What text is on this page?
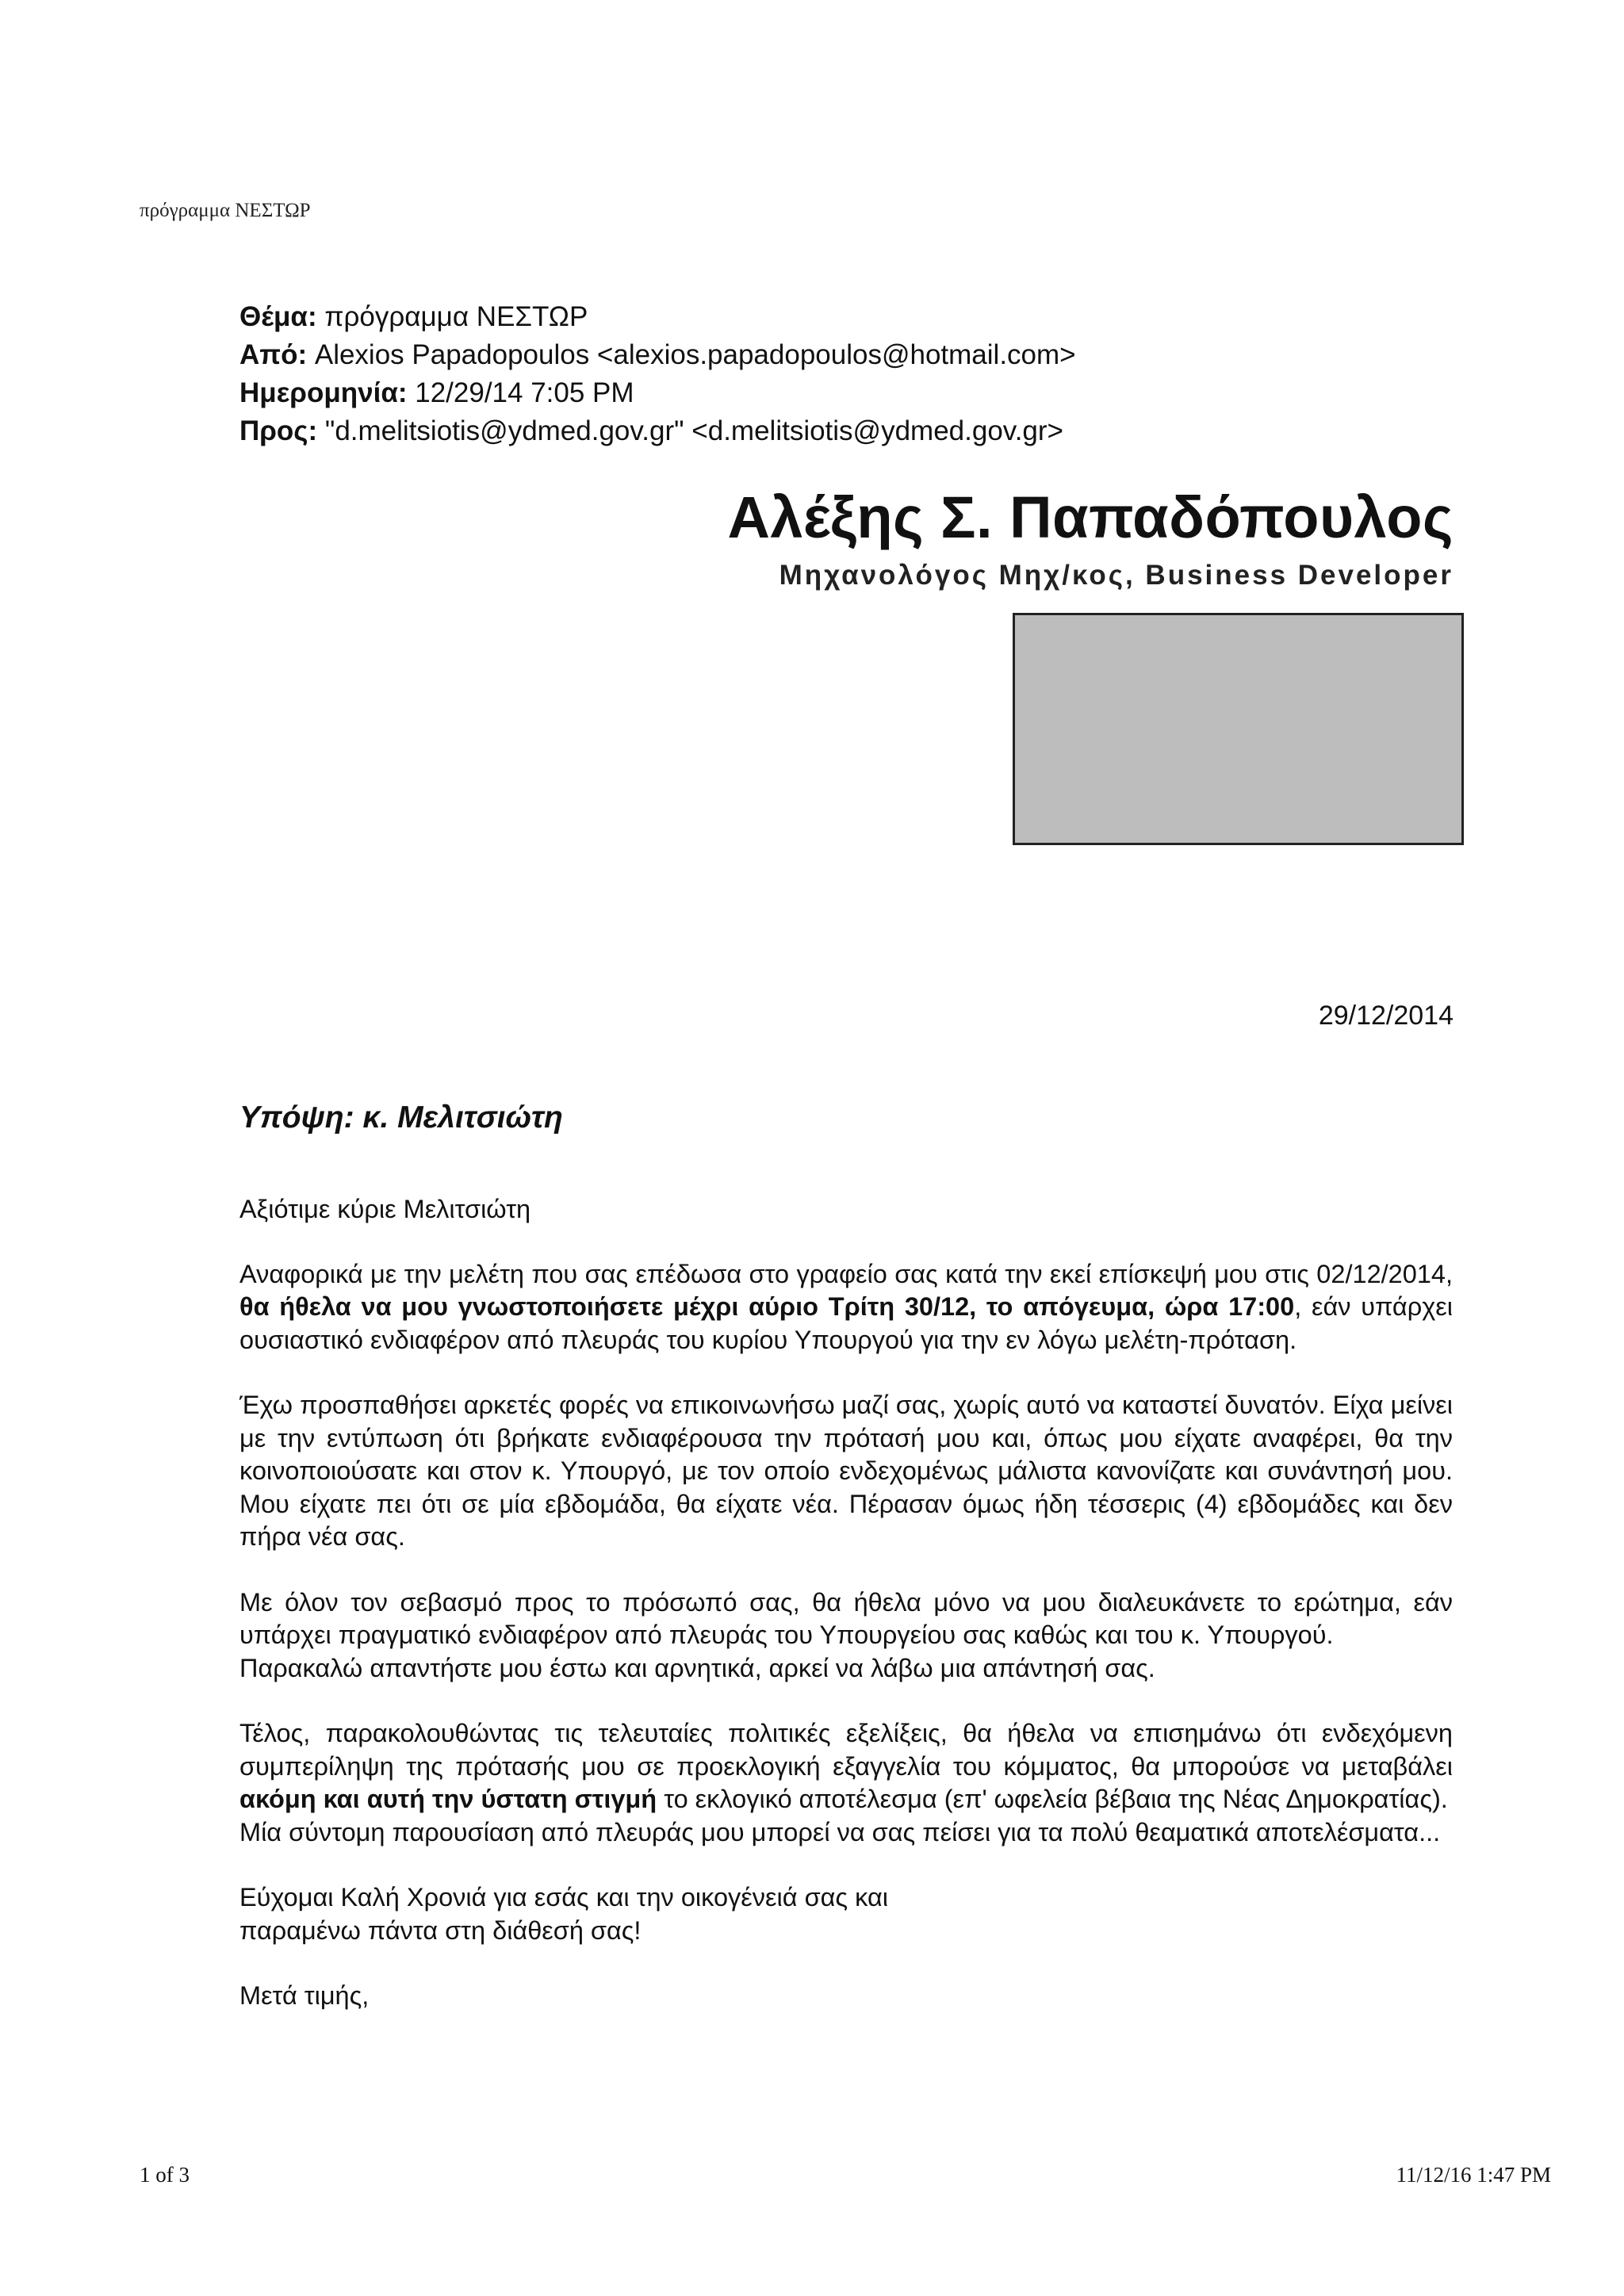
πρόγραμμα ΝΕΣΤΩΡ
Θέμα: πρόγραμμα ΝΕΣΤΩΡ
Από: Alexios Papadopoulos <alexios.papadopoulos@hotmail.com>
Ημερομηνία: 12/29/14 7:05 PM
Προς: "d.melitsiotis@ydmed.gov.gr" <d.melitsiotis@ydmed.gov.gr>
Αλέξης Σ. Παπαδόπουλος
Μηχανολόγος Μηχ/κος, Business Developer
29/12/2014
Υπόψη: κ. Μελιτσιώτη

Αξιότιμε κύριε Μελιτσιώτη

Αναφορικά με την μελέτη που σας επέδωσα στο γραφείο σας κατά την εκεί επίσκεψή μου στις 02/12/2014, θα ήθελα να μου γνωστοποιήσετε μέχρι αύριο Τρίτη 30/12, το απόγευμα, ώρα 17:00, εάν υπάρχει ουσιαστικό ενδιαφέρον από πλευράς του κυρίου Υπουργού για την εν λόγω μελέτη-πρόταση.

Έχω προσπαθήσει αρκετές φορές να επικοινωνήσω μαζί σας, χωρίς αυτό να καταστεί δυνατόν. Είχα μείνει με την εντύπωση ότι βρήκατε ενδιαφέρουσα την πρότασή μου και, όπως μου είχατε αναφέρει, θα την κοινοποιούσατε και στον κ. Υπουργό, με τον οποίο ενδεχομένως μάλιστα κανονίζατε και συνάντησή μου. Μου είχατε πει ότι σε μία εβδομάδα, θα είχατε νέα. Πέρασαν όμως ήδη τέσσερις (4) εβδομάδες και δεν πήρα νέα σας.

Με όλον τον σεβασμό προς το πρόσωπό σας, θα ήθελα μόνο να μου διαλευκάνετε το ερώτημα, εάν υπάρχει πραγματικό ενδιαφέρον από πλευράς του Υπουργείου σας καθώς και του κ. Υπουργού.
Παρακαλώ απαντήστε μου έστω και αρνητικά, αρκεί να λάβω μια απάντησή σας.

Τέλος, παρακολουθώντας τις τελευταίες πολιτικές εξελίξεις, θα ήθελα να επισημάνω ότι ενδεχόμενη συμπερίληψη της πρότασής μου σε προεκλογική εξαγγελία του κόμματος, θα μπορούσε να μεταβάλει ακόμη και αυτή την ύστατη στιγμή το εκλογικό αποτέλεσμα (επ' ωφελεία βέβαια της Νέας Δημοκρατίας).

Μία σύντομη παρουσίαση από πλευράς μου μπορεί να σας πείσει για τα πολύ θεαματικά αποτελέσματα...

Εύχομαι Καλή Χρονιά για εσάς και την οικογένειά σας και
παραμένω πάντα στη διάθεσή σας!

Μετά τιμής,

1 of 3	11/12/16 1:47 PM
